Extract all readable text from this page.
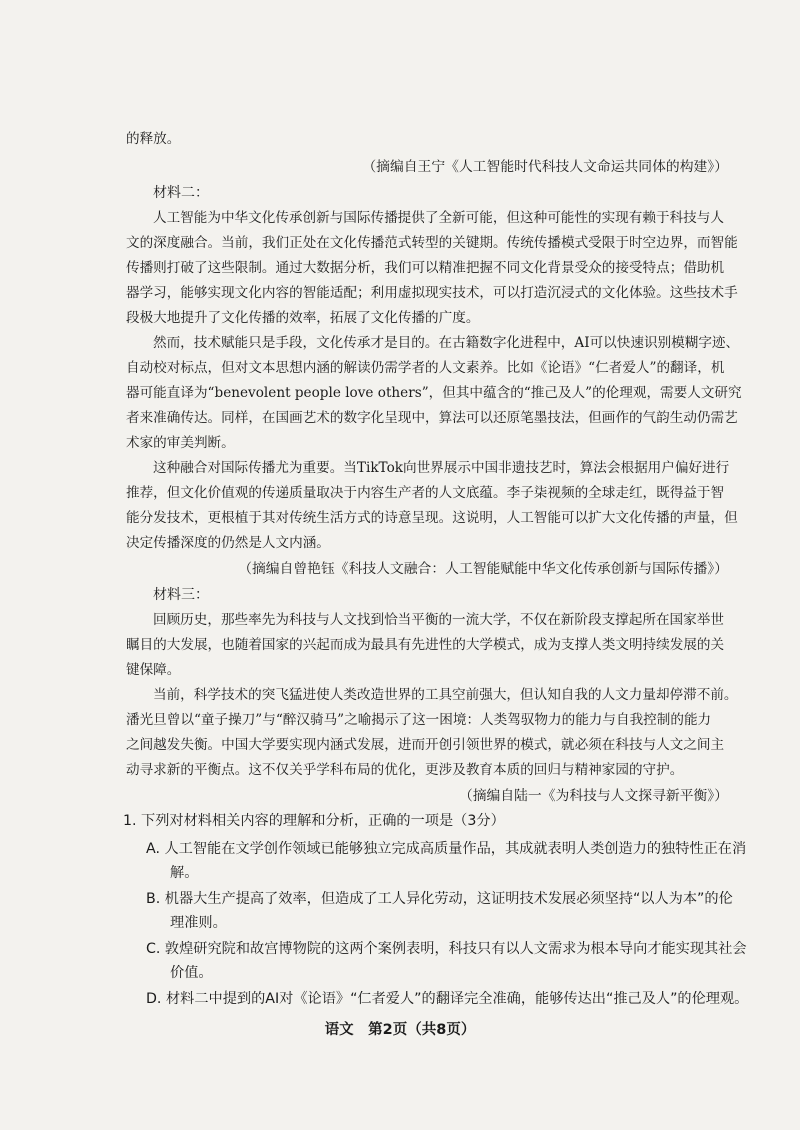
的释放。
（摘编自王宁《人工智能时代科技人文命运共同体的构建》）
材料二：
人工智能为中华文化传承创新与国际传播提供了全新可能，但这种可能性的实现有赖于科技与人
文的深度融合。当前，我们正处在文化传播范式转型的关键期。传统传播模式受限于时空边界，而智能
传播则打破了这些限制。通过大数据分析，我们可以精准把握不同文化背景受众的接受特点；借助机
器学习，能够实现文化内容的智能适配；利用虚拟现实技术，可以打造沉浸式的文化体验。这些技术手
段极大地提升了文化传播的效率，拓展了文化传播的广度。
然而，技术赋能只是手段，文化传承才是目的。在古籍数字化进程中，AI可以快速识别模糊字迹、
自动校对标点，但对文本思想内涵的解读仍需学者的人文素养。比如《论语》“仁者爱人”的翻译，机
器可能直译为“benevolent people love others”，但其中蕴含的“推己及人”的伦理观，需要人文研究
者来准确传达。同样，在国画艺术的数字化呈现中，算法可以还原笔墨技法，但画作的气韵生动仍需艺
术家的审美判断。
这种融合对国际传播尤为重要。当TikTok向世界展示中国非遗技艺时，算法会根据用户偏好进行
推荐，但文化价值观的传递质量取决于内容生产者的人文底蕴。李子柒视频的全球走红，既得益于智
能分发技术，更根植于其对传统生活方式的诗意呈现。这说明，人工智能可以扩大文化传播的声量，但
决定传播深度的仍然是人文内涵。
（摘编自曾艳钰《科技人文融合：人工智能赋能中华文化传承创新与国际传播》）
材料三：
回顾历史，那些率先为科技与人文找到恰当平衡的一流大学，不仅在新阶段支撑起所在国家举世
瞩目的大发展，也随着国家的兴起而成为最具有先进性的大学模式，成为支撑人类文明持续发展的关
键保障。
当前，科学技术的突飞猛进使人类改造世界的工具空前强大，但认知自我的人文力量却停滞不前。
潘光旦曾以“童子操刀”与“醉汉骑马”之喻揭示了这一困境：人类驾驭物力的能力与自我控制的能力
之间越发失衡。中国大学要实现内涵式发展，进而开创引领世界的模式，就必须在科技与人文之间主
动寻求新的平衡点。这不仅关乎学科布局的优化，更涉及教育本质的回归与精神家园的守护。
（摘编自陆一《为科技与人文探寻新平衡》）
1. 下列对材料相关内容的理解和分析，正确的一项是（3分）
A. 人工智能在文学创作领域已能够独立完成高质量作品，其成就表明人类创造力的独特性正在消
解。
B. 机器大生产提高了效率，但造成了工人异化劳动，这证明技术发展必须坚持“以人为本”的伦
理准则。
C. 敦煌研究院和故宫博物院的这两个案例表明，科技只有以人文需求为根本导向才能实现其社会
价值。
D. 材料二中提到的AI对《论语》“仁者爱人”的翻译完全准确，能够传达出“推己及人”的伦理观。
语文　第2页（共8页）
